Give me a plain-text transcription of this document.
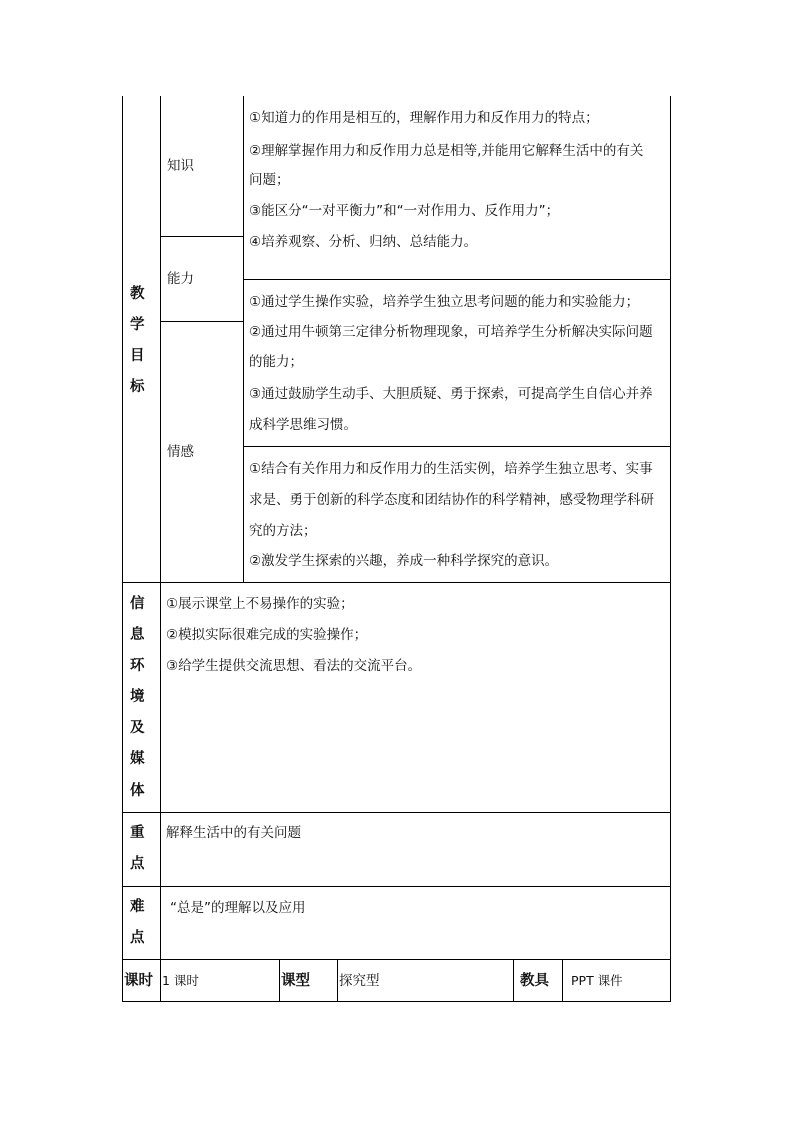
教
学
目
标
知识
①知道力的作用是相互的，理解作用力和反作用力的特点；
②理解掌握作用力和反作用力总是相等,并能用它解释生活中的有关
问题；
③能区分“一对平衡力”和“一对作用力、反作用力”；
④培养观察、分析、归纳、总结能力。
能力
①通过学生操作实验，培养学生独立思考问题的能力和实验能力；
②通过用牛顿第三定律分析物理现象，可培养学生分析解决实际问题
的能力；
③通过鼓励学生动手、大胆质疑、勇于探索，可提高学生自信心并养
成科学思维习惯。
情感
①结合有关作用力和反作用力的生活实例，培养学生独立思考、实事
求是、勇于创新的科学态度和团结协作的科学精神，感受物理学科研
究的方法；
②激发学生探索的兴趣，养成一种科学探究的意识。
信
息
环
境
及
媒
体
①展示课堂上不易操作的实验；
②模拟实际很难完成的实验操作；
③给学生提供交流思想、看法的交流平台。
重
点
解释生活中的有关问题
难
点
“总是”的理解以及应用
课时 1 课时	课型 探究型	教具 PPT 课件
